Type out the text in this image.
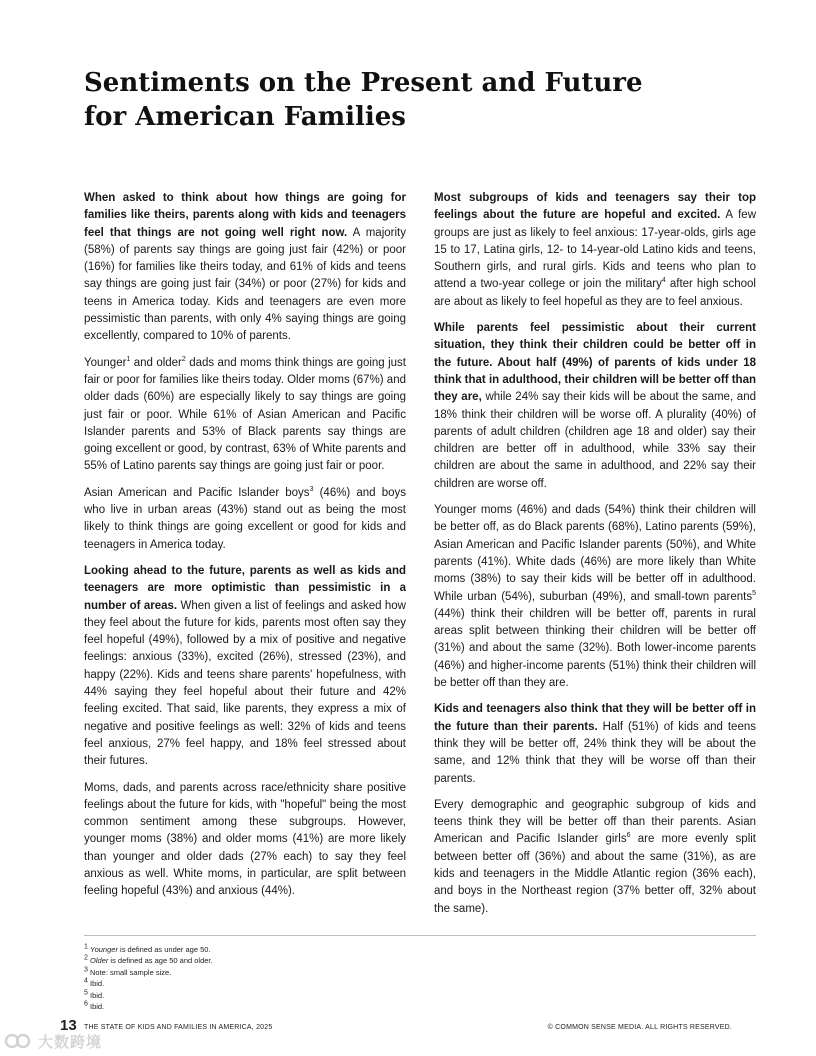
Sentiments on the Present and Future for American Families

When asked to think about how things are going for families like theirs, parents along with kids and teenagers feel that things are not going well right now. A majority (58%) of parents say things are going just fair (42%) or poor (16%) for families like theirs today, and 61% of kids and teens say things are going just fair (34%) or poor (27%) for kids and teens in America today. Kids and teenagers are even more pessimistic than parents, with only 4% saying things are going excellently, compared to 10% of parents.

Younger$^1$ and older$^2$ dads and moms think things are going just fair or poor for families like theirs today. Older moms (67%) and older dads (60%) are especially likely to say things are going just fair or poor. While 61% of Asian American and Pacific Islander parents and 53% of Black parents say things are going excellent or good, by contrast, 63% of White parents and 55% of Latino parents say things are going just fair or poor.

Asian American and Pacific Islander boys$^3$ (46%) and boys who live in urban areas (43%) stand out as being the most likely to think things are going excellent or good for kids and teenagers in America today.

Looking ahead to the future, parents as well as kids and teenagers are more optimistic than pessimistic in a number of areas. When given a list of feelings and asked how they feel about the future for kids, parents most often say they feel hopeful (49%), followed by a mix of positive and negative feelings: anxious (33%), excited (26%), stressed (23%), and happy (22%). Kids and teens share parents' hopefulness, with 44% saying they feel hopeful about their future and 42% feeling excited. That said, like parents, they express a mix of negative and positive feelings as well: 32% of kids and teens feel anxious, 27% feel happy, and 18% feel stressed about their futures.

Moms, dads, and parents across race/ethnicity share positive feelings about the future for kids, with "hopeful" being the most common sentiment among these subgroups. However, younger moms (38%) and older moms (41%) are more likely than younger and older dads (27% each) to say they feel anxious as well. White moms, in particular, are split between feeling hopeful (43%) and anxious (44%).

Most subgroups of kids and teenagers say their top feelings about the future are hopeful and excited. A few groups are just as likely to feel anxious: 17-year-olds, girls age 15 to 17, Latina girls, 12- to 14-year-old Latino kids and teens, Southern girls, and rural girls. Kids and teens who plan to attend a two-year college or join the military$^4$ after high school are about as likely to feel hopeful as they are to feel anxious.

While parents feel pessimistic about their current situation, they think their children could be better off in the future. About half (49%) of parents of kids under 18 think that in adulthood, their children will be better off than they are, while 24% say their kids will be about the same, and 18% think their children will be worse off. A plurality (40%) of parents of adult children (children age 18 and older) say their children are better off in adulthood, while 33% say their children are about the same in adulthood, and 22% say their children are worse off.

Younger moms (46%) and dads (54%) think their children will be better off, as do Black parents (68%), Latino parents (59%), Asian American and Pacific Islander parents (50%), and White parents (41%). White dads (46%) are more likely than White moms (38%) to say their kids will be better off in adulthood. While urban (54%), suburban (49%), and small-town parents$^5$ (44%) think their children will be better off, parents in rural areas split between thinking their children will be better off (31%) and about the same (32%). Both lower-income parents (46%) and higher-income parents (51%) think their children will be better off than they are.

Kids and teenagers also think that they will be better off in the future than their parents. Half (51%) of kids and teens think they will be better off, 24% think they will be about the same, and 12% think that they will be worse off than their parents.

Every demographic and geographic subgroup of kids and teens think they will be better off than their parents. Asian American and Pacific Islander girls$^6$ are more evenly split between better off (36%) and about the same (31%), as are kids and teenagers in the Middle Atlantic region (36% each), and boys in the Northeast region (37% better off, 32% about the same).

$^1$ Younger is defined as under age 50.
$^2$ Older is defined as age 50 and older.
$^3$ Note: small sample size.
$^4$ Ibid.
$^5$ Ibid.
$^6$ Ibid.
13 THE STATE OF KIDS AND FAMILIES IN AMERICA, 2025	© COMMON SENSE MEDIA. ALL RIGHTS RESERVED.
大数跨境
